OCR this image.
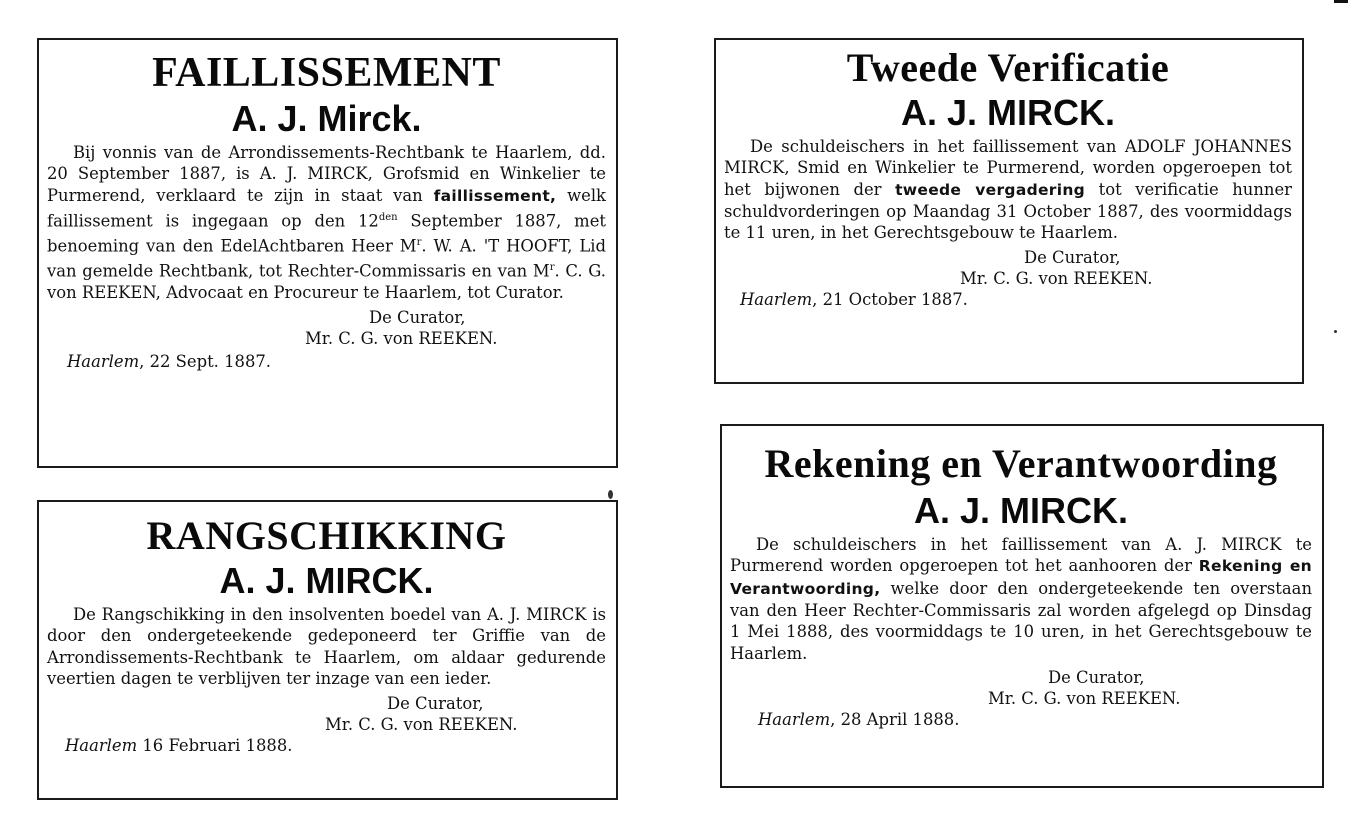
FAILLISSEMENT
A. J. Mirck.

Bij vonnis van de Arrondissements-Rechtbank te Haarlem, dd. 20 September 1887, is A. J. MIRCK, Grofsmid en Winkelier te Purmerend, verklaard te zijn in staat van faillissement, welk faillissement is ingegaan op den $12^{den}$ September 1887, met benoeming van den EdelAchtbaren Heer $M^r$. W. A. 'T HOOFT, Lid van gemelde Rechtbank, tot Rechter-Commissaris en van $M^r$. C. G. von REEKEN, Advocaat en Procureur te Haarlem, tot Curator.

De Curator,
Mr. C. G. von REEKEN.
Haarlem, 22 Sept. 1887.
RANGSCHIKKING
A. J. MIRCK.

De Rangschikking in den insolventen boedel van A. J. MIRCK is door den ondergeteekende gedeponeerd ter Griffie van de Arrondissements-Rechtbank te Haarlem, om aldaar gedurende veertien dagen te verblijven ter inzage van een ieder.

De Curator,
Mr. C. G. von REEKEN.
Haarlem 16 Februari 1888.
Tweede Verificatie
A. J. MIRCK.

De schuldeischers in het faillissement van ADOLF JOHANNES MIRCK, Smid en Winkelier te Purmerend, worden opgeroepen tot het bijwonen der tweede vergadering tot verificatie hunner schuldvorderingen op Maandag 31 October 1887, des voormiddags te 11 uren, in het Gerechtsgebouw te Haarlem.

De Curator,
Mr. C. G. von REEKEN.
Haarlem, 21 October 1887.
Rekening en Verantwoording
A. J. MIRCK.

De schuldeischers in het faillissement van A. J. MIRCK te Purmerend worden opgeroepen tot het aanhooren der Rekening en Verantwoording, welke door den ondergeteekende ten overstaan van den Heer Rechter-Commissaris zal worden afgelegd op Dinsdag 1 Mei 1888, des voormiddags te 10 uren, in het Gerechtsgebouw te Haarlem.

De Curator,
Mr. C. G. von REEKEN.
Haarlem, 28 April 1888.
